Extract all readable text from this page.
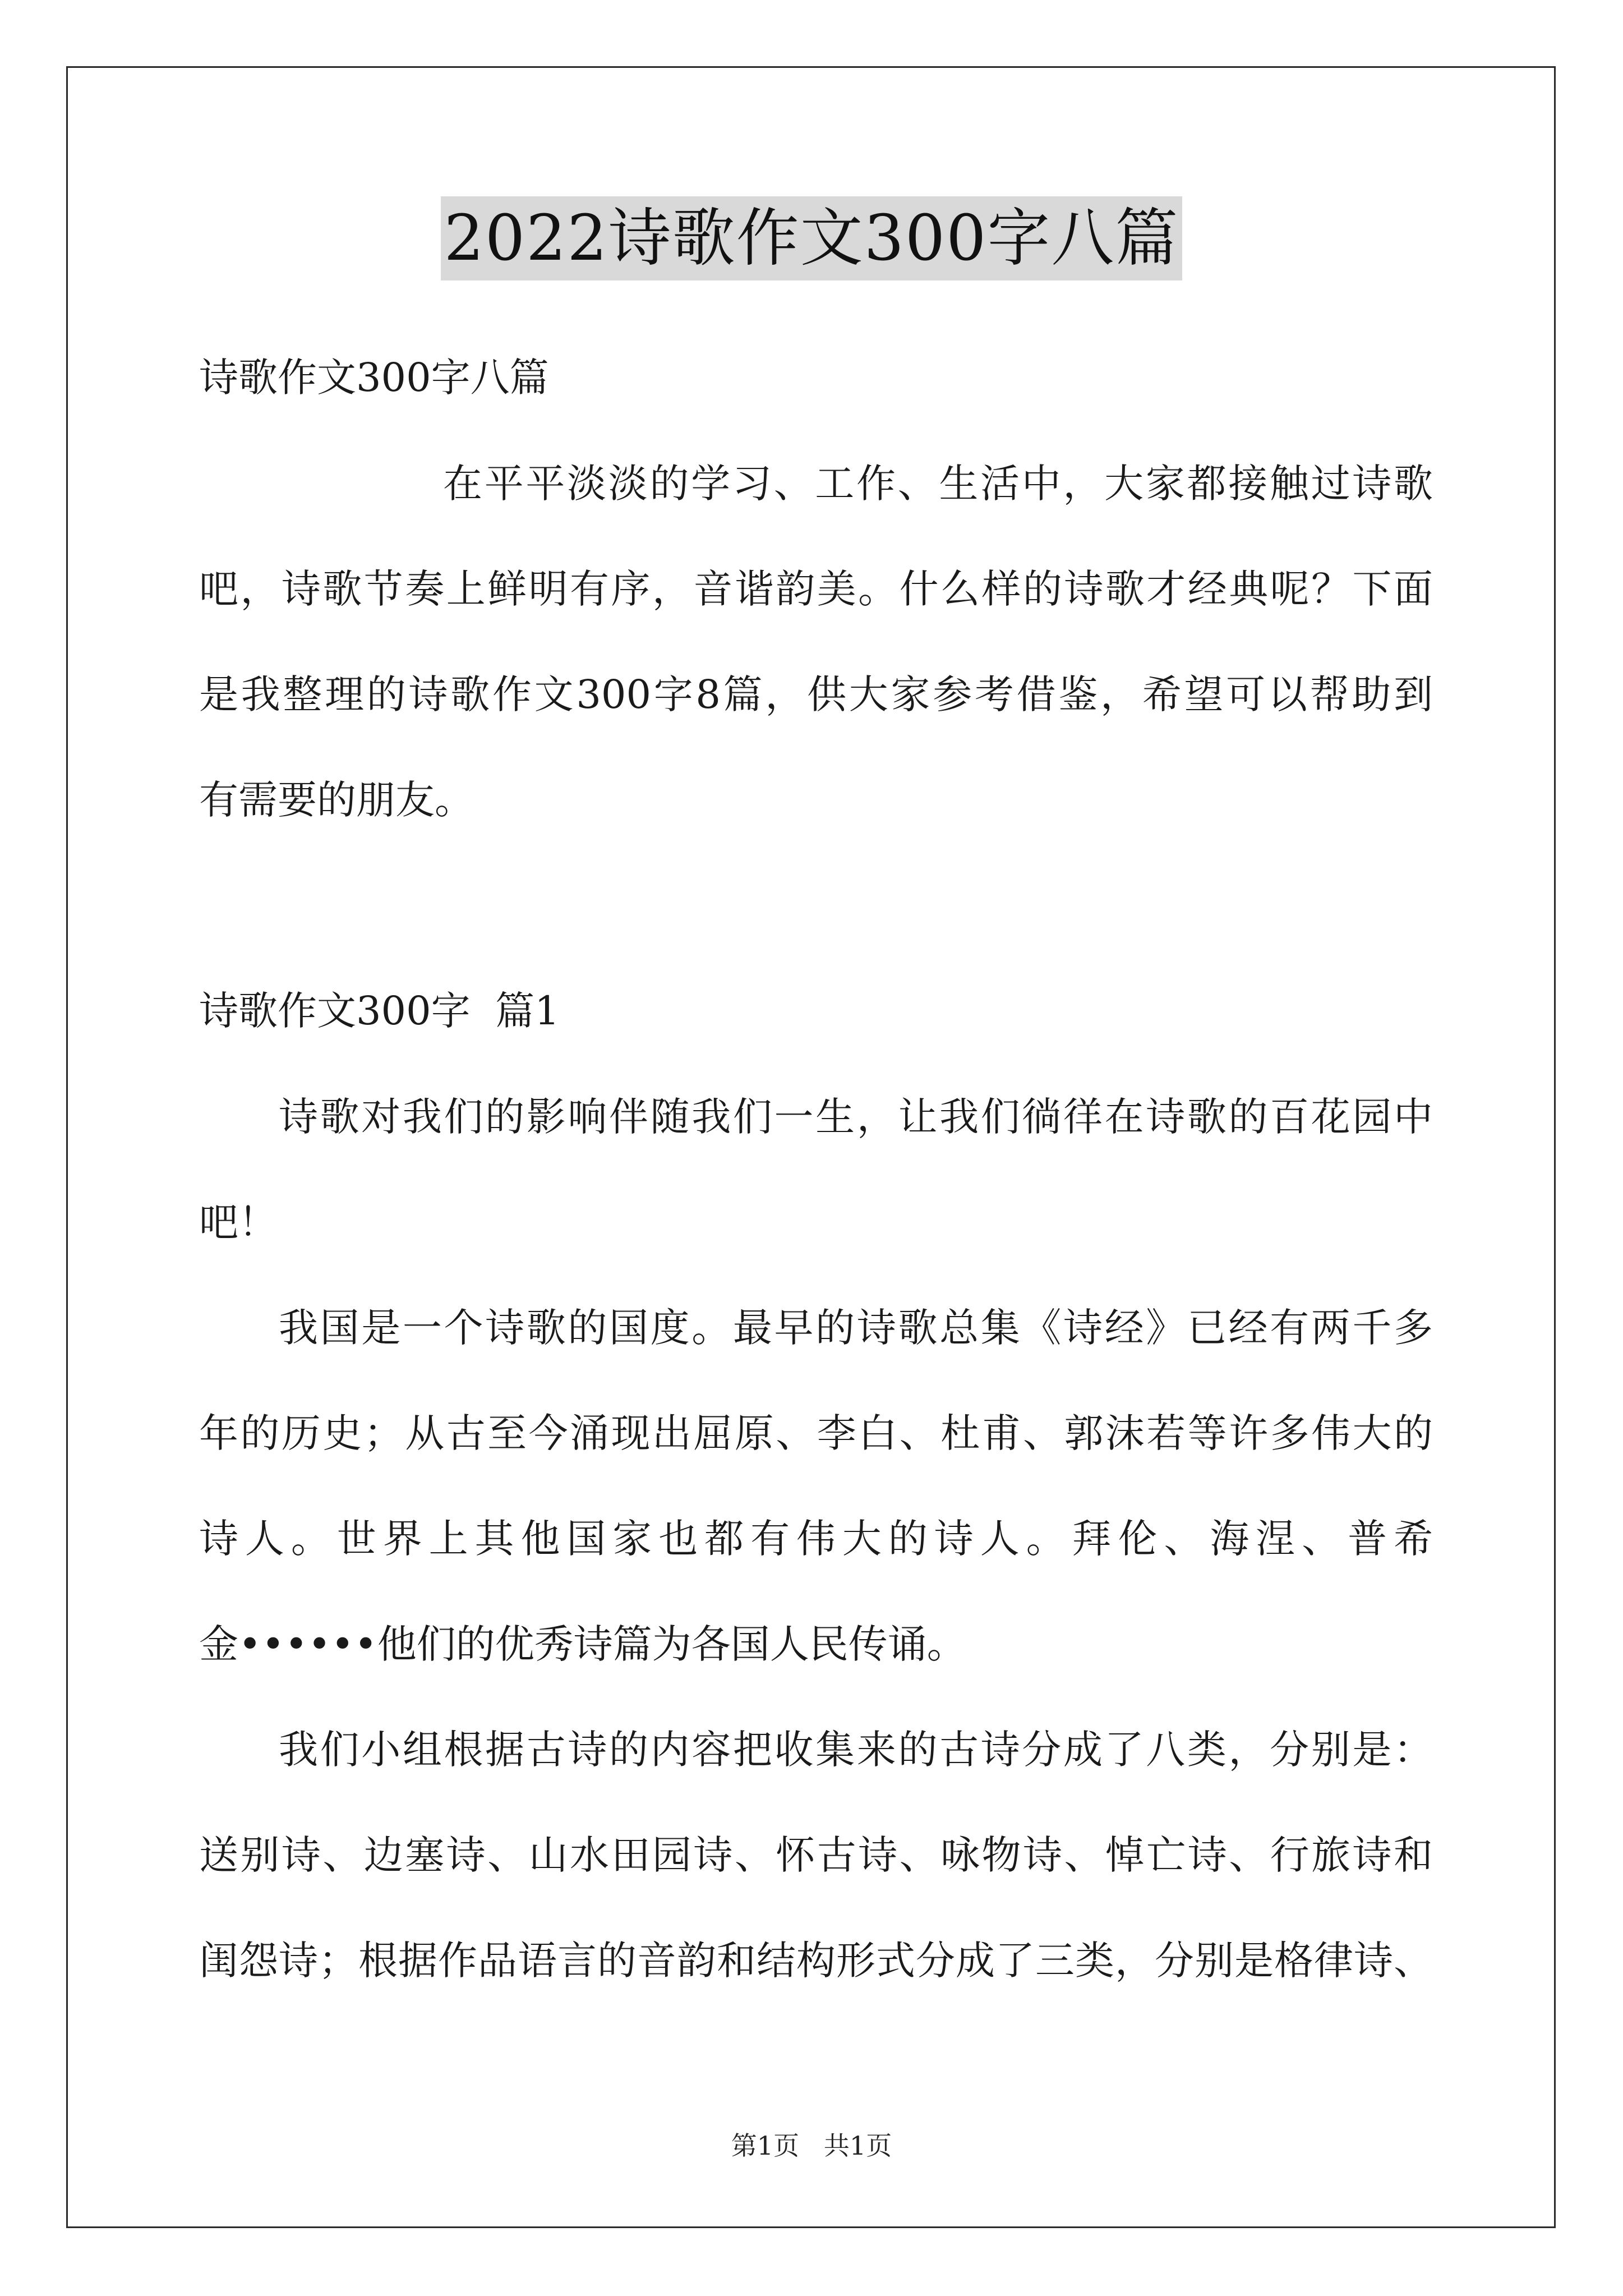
2022诗歌作文300字八篇
诗歌作文300字八篇
在平平淡淡的学习、工作、生活中，大家都接触过诗歌
吧，诗歌节奏上鲜明有序，音谐韵美。什么样的诗歌才经典呢？下面
是我整理的诗歌作文300字8篇，供大家参考借鉴，希望可以帮助到
有需要的朋友。
诗歌作文300字  篇1
诗歌对我们的影响伴随我们一生，让我们徜徉在诗歌的百花园中
吧！
我国是一个诗歌的国度。最早的诗歌总集《诗经》已经有两千多
年的历史；从古至今涌现出屈原、李白、杜甫、郭沫若等许多伟大的
诗人。世界上其他国家也都有伟大的诗人。拜伦、海涅、普希
金••••••他们的优秀诗篇为各国人民传诵。
我们小组根据古诗的内容把收集来的古诗分成了八类，分别是：
送别诗、边塞诗、山水田园诗、怀古诗、咏物诗、悼亡诗、行旅诗和
闺怨诗；根据作品语言的音韵和结构形式分成了三类，分别是格律诗、
第1页   共1页
